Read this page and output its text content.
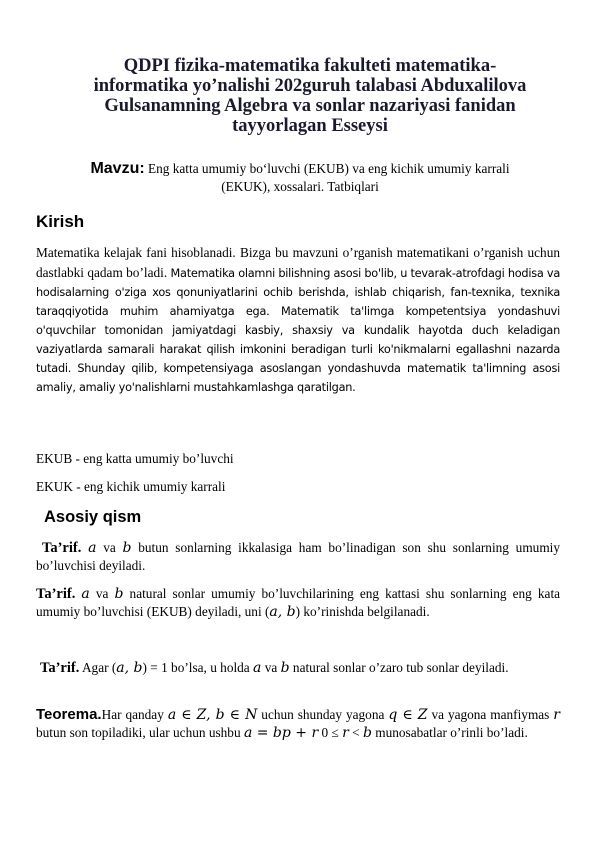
QDPI fizika-matematika fakulteti matematika-
informatika yo’nalishi 202guruh talabasi Abduxalilova
Gulsanamning Algebra va sonlar nazariyasi fanidan
tayyorlagan Esseysi
Mavzu: Eng katta umumiy bo‘luvchi (EKUB) va eng kichik umumiy karrali
(EKUK), xossalari. Tatbiqlari
Kirish
Matematika kelajak fani hisoblanadi. Bizga bu mavzuni o’rganish matematikani o’rganish uchun dastlabki qadam bo’ladi. Matematika olamni bilishning asosi bo'lib, u tevarak-atrofdagi hodisa va hodisalarning o'ziga xos qonuniyatlarini ochib berishda, ishlab chiqarish, fan-texnika, texnika taraqqiyotida muhim ahamiyatga ega. Matematik ta'limga kompetentsiya yondashuvi o'quvchilar tomonidan jamiyatdagi kasbiy, shaxsiy va kundalik hayotda duch keladigan vaziyatlarda samarali harakat qilish imkonini beradigan turli ko'nikmalarni egallashni nazarda tutadi. Shunday qilib, kompetensiyaga asoslangan yondashuvda matematik ta'limning asosi amaliy, amaliy yo'nalishlarni mustahkamlashga qaratilgan.
EKUB - eng katta umumiy bo’luvchi
EKUK - eng kichik umumiy karrali
Asosiy qism
Ta’rif. a va b butun sonlarning ikkalasiga ham bo’linadigan son shu sonlarning umumiy bo’luvchisi deyiladi.
Ta’rif. a va b natural sonlar umumiy bo’luvchilarining eng kattasi shu sonlarning eng kata umumiy bo’luvchisi (EKUB) deyiladi, uni (a, b) ko’rinishda belgilanadi.
Ta’rif. Agar (a, b) = 1 bo’lsa, u holda a va b natural sonlar o’zaro tub sonlar deyiladi.
Teorema.Har qanday a ∈ Z, b ∈ N uchun shunday yagona q ∈ Z va yagona manfiymas r butun son topiladiki, ular uchun ushbu a = bp + r 0 ≤ r < b munosabatlar o’rinli bo’ladi.
